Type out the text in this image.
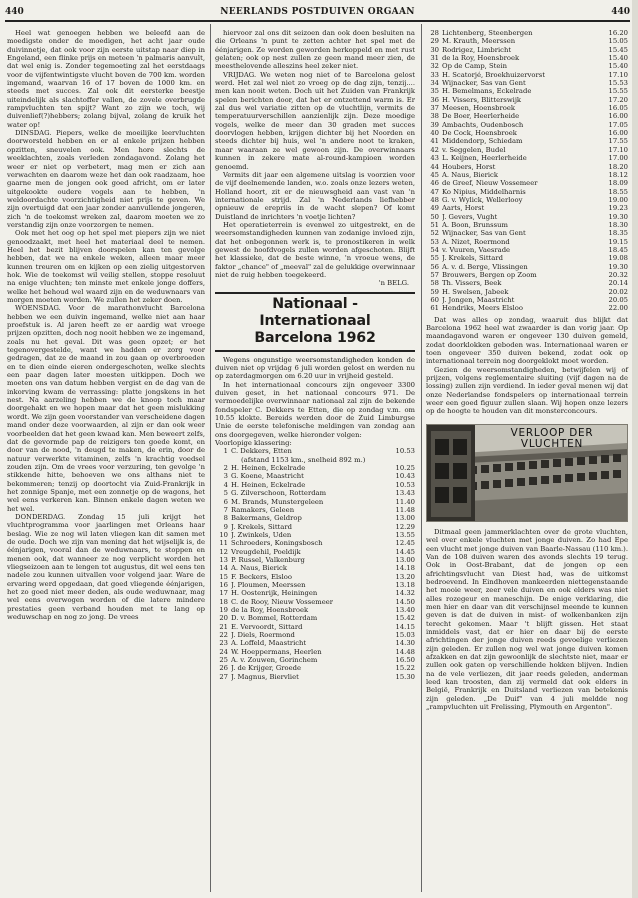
440	NEERLANDS POSTDUIVEN ORGAAN	440

Heel wat genoegen hebben we beleefd aan de moedigste onder de moedigen, het acht jaar oude duivinnetje, dat ook voor zijn eerste uitstap naar diep in Engeland, een flinke prijs en meteen 'n palmaris aanvult, dat wel enig is. Zonder tegemoeting zal het eerstdaags voor de vijfentwintigste vlucht boven de 700 km. worden ingemand, waarvan 16 of 17 boven de 1000 km. en steeds met succes. Zal ook dit eersterke beestje uiteindelijk als slachtoffer vallen, de zovele overbrugde rampvluchten ten spijt? Want zo zijn we toch, wij duivenlief(?)hebbers; zolang bijval, zolang de kruik het water op!

DINSDAG. Piepers, welke de moeilijke leervluchten doorworsteld hebben en er al enkele prijzen hebben opzitten, sneuvelen ook. Men hore slechts de weeklachten, zoals verleden zondagavond. Zolang het weer er niet op verbetert, mag men er zich aan verwachten en daarom weze het dan ook raadzaam, hoe gaarne men de jongen ook goed africht, om er later uitgekookte oudere vogels aan te hebben, 'n weldoordachte voorzichtigheid niet prijs te geven. We zijn overtuigd dat een jaar zonder aanvullende jongeren, zich 'n de toekomst wreken zal, daarom moeten we zo verstandig zijn onze voorzorgen te nemen.

Ook met het oog op het spel met piepers zijn we niet genoodzaakt, met heel het materiaal deel te nemen. Heel het bezit blijven doorspelen kan ten gevolge hebben, dat we na enkele weken, alleen maar meer kunnen treuren om en kijken op een zielig uitgestorven hok. Wie de toekomst wil veilig stellen, stoppe resoluut na enige vluchten; ten minste met enkele jonge doffers, welke het behoud wel waard zijn en de weduwnaars van morgen moeten worden. We zullen het zeker doen.

WOENSDAG. Voor de marathonvlucht Barcelona hebben we een duivin ingemand, welke niet aan haar proefstuk is. Al jaren heeft ze er aardig wat vroege prijzen opzitten, doch nog nooit hebben we ze ingemand, zoals nu het geval. Dit was geen opzet; er het tegenovergestelde, want we hadden er zorg voor gedragen, dat ze de maand in zou gaan op overbroeden en te dien einde eieren ondergeschoten, welke slechts een paar dagen later moesten uitkippen. Doch we moeten ons van datum hebben vergist en de dag van de inkorving kwam de verrassing: platte jongskens in het nest. Na aarzeling hebben we de knoop toch maar doorgehakt en we hopen maar dat het geen mislukking wordt. We zijn geen voorstander van verscheidene dagen mand onder deze voorwaarden, al zijn er dan ook weer voorbeelden dat het geen kwaad kan. Men beweert zelfs, dat de gevormde pap de reizigers ten goede komt, en door van de nood, 'n deugd te maken, de erin, door de natuur verwerkte vitaminen, zelfs 'n krachtig voedsel zouden zijn. Om de vrees voor verzuring, ten gevolge 'n stikkende hitte, behoeven we ons althans niet te bekommeren; tenzij op doortocht via Zuid-Frankrijk in het zonnige Spanje, met een zonnetje op de wagons, het wel eens verkeren kan. Binnen enkele dagen weten we het wel.

DONDERDAG. Zondag 15 juli krijgt het vluchtprogramma voor jaarlingen met Orleans haar beslag. Wie ze nog wil laten vliegen kan dit samen met de oude. Doch we zijn van mening dat het wijselijk is, de éénjarigen, vooral dan de weduwnaars, te stoppen en menen ook, dat wanneer ze nog verplicht worden het vliegseizoen aan te lengen tot augustus, dit wel eens ten nadele zou kunnen uitvallen voor volgend jaar. Ware de ervaring werd opgedaan, dat goed vliegende éénjarigen, het zo goed niet meer deden, als oude weduwnaar, mag wel eens overwogen worden of die latere mindere prestaties geen verband houden met te lang op weduwschap en nog zo jong. De vrees

hiervoor zal ons dit seizoen dan ook doen besluiten na die Orleans 'n punt te zetten achter het spel met de éénjarigen. Ze worden geworden herkoppeld en met rust gelaten; ook op nest zullen ze geen mand meer zien, de meesthelovende alleszins heel zeker niet.

VRIJDAG. We weten nog niet of te Barcelona gelost werd. Het zal wel niet zo vroeg op de dag zijn, tenzij.... men kan nooit weten. Doch uit het Zuiden van Frankrijk spelen berichten door, dat het er ontzettend warm is. Er zal dus wel variatie zitten op de vluchtlijn, vermits de temperatuurverschillen aanzienlijk zijn. Deze moedige vogels, welke de meer dan 30 graden met succes doorvlogen hebben, krijgen dichter bij het Noorden en steeds dichter bij huis, wel 'n andere noot te kraken, maar waaraan ze wel gewoon zijn. De overwinnaars kunnen in zekere mate al-round-kampioen worden genoemd.

Vermits dit jaar een algemene uitslag is voorzien voor de vijf deelnemende landen, w.o. zoals onze lezers weten, Holland hoort, zit er de nieuwsgheid aan vast van 'n internationale strijd. Zal 'n Nederlands liefhebber opnieuw de erepriis in de wacht slepen? Of komt Duistland de inrichters 'n voetje lichten?

Het operatieterrein is evenwel zo uitgestrekt, en de weersomstandigheden kunnen van zodanige invloed zijn, dat het onbegonnen werk is, te pronostikeren in welk gewest de hoofdvogels zullen worden afgeschoten. Blijft het klassieke, dat de beste winne, 'n vroeue wens, de faktor „chance" of „meeval" zal de gelukkige overwinnaar niet de ruig hebben toegekeerd.

'n BELG.

Nationaal - Internationaal
Barcelona 1962

Wegens ongunstige weersomstandigheden konden de duiven niet op vrijdag 6 juli worden gelost en werden nu op zaterdagmorgen om 6.20 uur in vrijheid gesteld.

In het internationaal concours zijn ongeveer 3300 duiven geset, in het nationaal concours 971. De vermoedelijke overwinnaar nationaal zal zijn de bekende fondspeler C. Dekkers te Etten, die op zondag v.m. om 10.55 klokte. Bereids werden door de Zuid Limburgse Unie de eerste telefonische meldingen van zondag aan ons doorgegeven, welke hieronder volgen:

Voorlopige klassering:

1 C. Dekkers, Etten	10.53
(afstand 1153 km., snelheid 892 m.)
2 H. Heinen, Eckelrade	10.25
3 G. Koene, Maastricht	10.43
4 H. Heinen, Eckelrade	10.53
5 G. Zilverschoon, Rotterdam	13.43
6 M. Brands, Munstergeleen	11.40
7 Ramakers, Geleen	11.48
8 Bakermans, Geldrop	13.00
9 J. Krekels, Sittard	12.29
10 J. Zwinkels, Uden	13.55
11 Schroeders, Koningsbosch	12.45
12 Vreugdehil, Poeldijk	14.45
13 P. Russel, Valkenburg	13.00
14 A. Naus, Bierick	14.18
15 F. Beckers, Elsloo	13.20
16 J. Ploumen, Meerssen	13.18
17 H. Oostenrijk, Heiningen	14.32
18 C. de Rooy, Nieuw Vossemeer	14.50
19 de la Roy, Hoensbroek	13.40
20 D. v. Bommel, Rotterdam	15.42
21 E. Vervoordt, Sittard	14.15
22 J. Diels, Roermond	15.03
23 A. Loffeld, Maastricht	14.30
24 W. Hoeppermans, Heerlen	14.48
25 A. v. Zouwen, Gorinchem	16.50
26 J. de Krijger, Groede	15.22
27 J. Magnus, Biervliet	15.30
28 Lichtenberg, Steenbergen	16.20
29 M. Krauth, Meerssen	15.05
30 Rodrigez, Limbricht	15.45
31 de la Roy, Hoensbroek	15.40
32 Op de Camp, Stein	15.40
33 H. Scatorjé, Broekhuizervorst	17.10
34 Wijnacker, Sas van Gent	15.53
35 H. Bemelmans, Eckelrade	15.55
36 H. Vissers, Blitterswijk	17.20
37 Meesen, Hoensbroek	16.05
38 De Boer, Heerlerheide	16.00
39 Ambachts, Oudenbosch	17.05
40 De Cock, Hoensbroek	16.00
41 Middendorp, Schiedam	17.55
42 v. Seggelen, Budel	17.10
43 L. Keijnen, Heerlerheide	17.00
44 Houbers, Horst	18.20
45 A. Naus, Bierick	18.12
46 de Greef, Nieuw Vossemeer	18.09
47 Ko Nipius, Middelharnis	18.55
48 G. v. Wylick, Wellerlooy	19.00
49 Aarts, Horst	19.23
50 J. Gevers, Vught	19.30
51 A. Boon, Brunssum	18.30
52 Wijnacker, Sas van Gent	18.35
53 A. Nizet, Roermond	19.15
54 v. Vuuren, Vaesrade	18.45
55 J. Krekels, Sittard	19.08
56 A. v. d. Berge, Vlissingen	19.30
57 Brouwers, Bergen op Zoom	20.32
58 Th. Vissers, Beek	20.14
59 H. Swelsen, Jabeek	20.02
60 J. Jongen, Maastricht	20.05
61 Hendriks, Meers Elsloo	22.00

Dat was alles op zondag, waaruit dus blijkt dat Barcelona 1962 heel wat zwaarder is dan vorig jaar. Op maandagavond waren er ongeveer 130 duiven gemeld, zodat doorklokken geboden was. Internationaal waren er toen ongeveer 350 duiven bekend, zodat ook op internationaal terrein nog doorgeklokt moet worden.

Gezien de weersomstandigheden, betwijfelen wij of prijzen, volgens reglementaire sluiting (vijf dagen na de lossing) zullen zijn verdiend. In ieder geval menen wij dat onze Nederlandse fondspelers op internationaal terrein weer een goed figuur zullen slaan. Wij hopen onze lezers op de hoogte te houden van dit monsterconcours.

VERLOOP DER
VLUCHTEN

Ditmaal geen jammerklachten over de grote vluchten, wel over enkele vluchten met jonge duiven. Zo had Epe een vlucht met jonge duiven van Baarle-Nassau (110 km.). Van de 108 duiven waren des avonds slechts 19 terug. Ook in Oost-Brabant, dat de jongen op een africhtingsvlucht van Diest had, was de uitkomst bedroevend. In Eindhoven mankeerden niettegenstaande het mooie weer, zeer vele duiven en ook elders was niet alles rozegeur en maneschijn. De enige verklaring, die men hier en daar van dit verschijnsel meende te kunnen geven is dat de duiven in mist- of wolkenbanken zijn terecht gekomen. Maar 't blijft gissen. Het staat inmiddels vast, dat er hier en daar bij de eerste africhtingen der jonge duiven reeds gevoelige verliezen zijn geleden. Er zullen nog wel wat jonge duiven komen afzakken en dat zijn gewoonlijk de slechtste niet, maar er zullen ook gaten op verschillende hokken blijven. Indien na de vele verliezen, dit jaar reeds geleden, anderman leed kan troosten, dan zij vermeld dat ook elders in België, Frankrijk en Duitsland verliezen van betekenis zijn geleden. „De Duif" van 4 juli meldde nog „rampvluchten uit Frelissing, Plymouth en Argenton".
